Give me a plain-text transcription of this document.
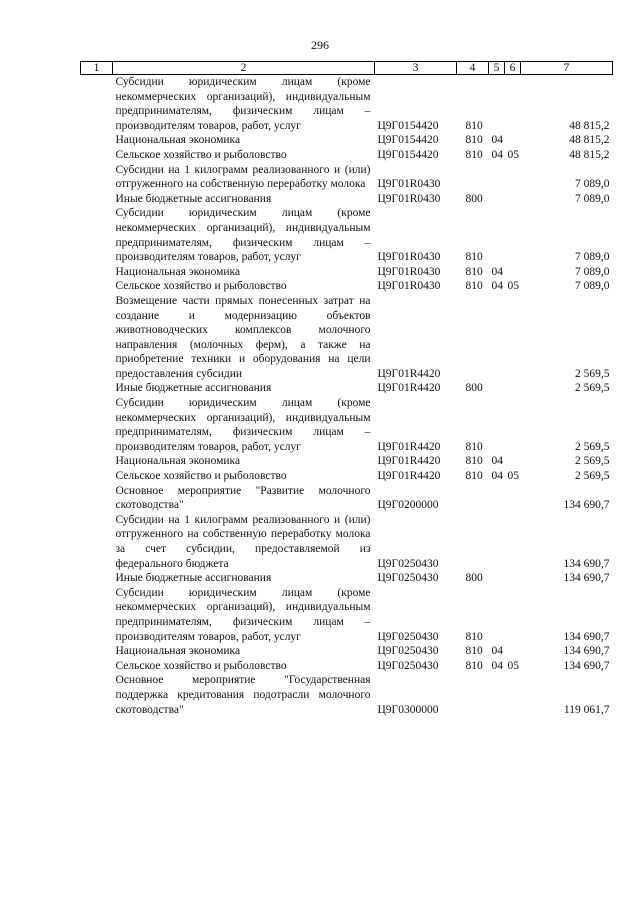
296
1	2	3	4	5	6	7
	Субсидии юридическим лицам (кроме некоммерческих организаций), индивидуальным предпринимателям, физическим лицам – производителям товаров, работ, услуг	Ц9Г0154420	810			48 815,2
	Национальная экономика	Ц9Г0154420	810	04		48 815,2
	Сельское хозяйство и рыболовство	Ц9Г0154420	810	04	05	48 815,2
	Субсидии на 1 килограмм реализованного и (или) отгруженного на собственную переработку молока	Ц9Г01R0430				7 089,0
	Иные бюджетные ассигнования	Ц9Г01R0430	800			7 089,0
	Субсидии юридическим лицам (кроме некоммерческих организаций), индивидуальным предпринимателям, физическим лицам – производителям товаров, работ, услуг	Ц9Г01R0430	810			7 089,0
	Национальная экономика	Ц9Г01R0430	810	04		7 089,0
	Сельское хозяйство и рыболовство	Ц9Г01R0430	810	04	05	7 089,0
	Возмещение части прямых понесенных затрат на создание и модернизацию объектов животноводческих комплексов молочного направления (молочных ферм), а также на приобретение техники и оборудования на цели предоставления субсидии	Ц9Г01R4420				2 569,5
	Иные бюджетные ассигнования	Ц9Г01R4420	800			2 569,5
	Субсидии юридическим лицам (кроме некоммерческих организаций), индивидуальным предпринимателям, физическим лицам – производителям товаров, работ, услуг	Ц9Г01R4420	810			2 569,5
	Национальная экономика	Ц9Г01R4420	810	04		2 569,5
	Сельское хозяйство и рыболовство	Ц9Г01R4420	810	04	05	2 569,5
	Основное мероприятие "Развитие молочного скотоводства"	Ц9Г0200000				134 690,7
	Субсидии на 1 килограмм реализованного и (или) отгруженного на собственную переработку молока за счет субсидии, предоставляемой из федерального бюджета	Ц9Г0250430				134 690,7
	Иные бюджетные ассигнования	Ц9Г0250430	800			134 690,7
	Субсидии юридическим лицам (кроме некоммерческих организаций), индивидуальным предпринимателям, физическим лицам – производителям товаров, работ, услуг	Ц9Г0250430	810			134 690,7
	Национальная экономика	Ц9Г0250430	810	04		134 690,7
	Сельское хозяйство и рыболовство	Ц9Г0250430	810	04	05	134 690,7
	Основное мероприятие "Государственная поддержка кредитования подотрасли молочного скотоводства"	Ц9Г0300000				119 061,7
